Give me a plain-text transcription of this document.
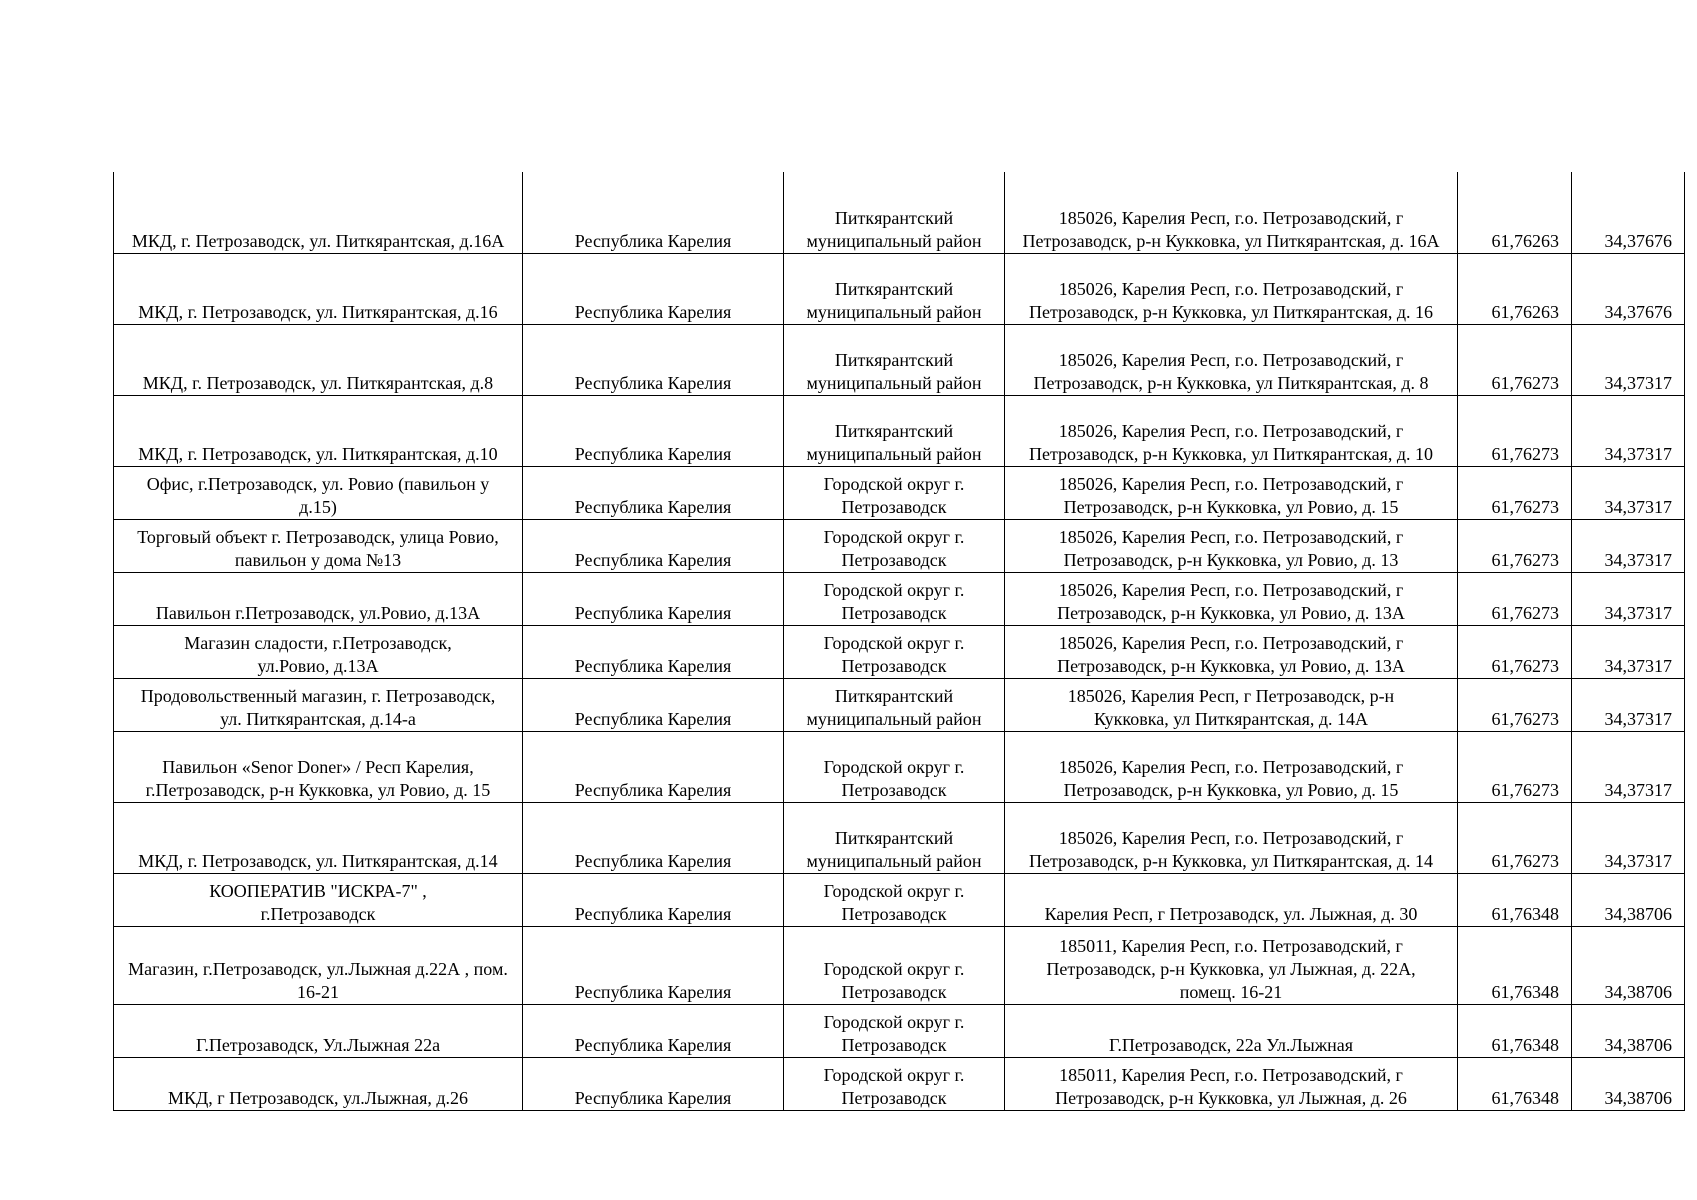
МКД, г. Петрозаводск, ул. Питкярантская, д.16А	Республика Карелия	Питкярантский муниципальный район	185026, Карелия Респ, г.о. Петрозаводский, г Петрозаводск, р-н Кукковка, ул Питкярантская, д. 16А	61,76263	34,37676
МКД, г. Петрозаводск, ул. Питкярантская, д.16	Республика Карелия	Питкярантский муниципальный район	185026, Карелия Респ, г.о. Петрозаводский, г Петрозаводск, р-н Кукковка, ул Питкярантская, д. 16	61,76263	34,37676
МКД, г. Петрозаводск, ул. Питкярантская, д.8	Республика Карелия	Питкярантский муниципальный район	185026, Карелия Респ, г.о. Петрозаводский, г Петрозаводск, р-н Кукковка, ул Питкярантская, д. 8	61,76273	34,37317
МКД, г. Петрозаводск, ул. Питкярантская, д.10	Республика Карелия	Питкярантский муниципальный район	185026, Карелия Респ, г.о. Петрозаводский, г Петрозаводск, р-н Кукковка, ул Питкярантская, д. 10	61,76273	34,37317
Офис, г.Петрозаводск, ул. Ровио (павильон у д.15)	Республика Карелия	Городской округ г. Петрозаводск	185026, Карелия Респ, г.о. Петрозаводский, г Петрозаводск, р-н Кукковка, ул Ровио, д. 15	61,76273	34,37317
Торговый объект г. Петрозаводск, улица Ровио, павильон у дома №13	Республика Карелия	Городской округ г. Петрозаводск	185026, Карелия Респ, г.о. Петрозаводский, г Петрозаводск, р-н Кукковка, ул Ровио, д. 13	61,76273	34,37317
Павильон г.Петрозаводск, ул.Ровио, д.13А	Республика Карелия	Городской округ г. Петрозаводск	185026, Карелия Респ, г.о. Петрозаводский, г Петрозаводск, р-н Кукковка, ул Ровио, д. 13А	61,76273	34,37317
Магазин сладости, г.Петрозаводск, ул.Ровио, д.13А	Республика Карелия	Городской округ г. Петрозаводск	185026, Карелия Респ, г.о. Петрозаводский, г Петрозаводск, р-н Кукковка, ул Ровио, д. 13А	61,76273	34,37317
Продовольственный магазин, г. Петрозаводск, ул. Питкярантская, д.14-а	Республика Карелия	Питкярантский муниципальный район	185026, Карелия Респ, г Петрозаводск, р-н Кукковка, ул Питкярантская, д. 14А	61,76273	34,37317
Павильон «Senor Doner» / Респ Карелия, г.Петрозаводск, р-н Кукковка, ул Ровио, д. 15	Республика Карелия	Городской округ г. Петрозаводск	185026, Карелия Респ, г.о. Петрозаводский, г Петрозаводск, р-н Кукковка, ул Ровио, д. 15	61,76273	34,37317
МКД, г. Петрозаводск, ул. Питкярантская, д.14	Республика Карелия	Питкярантский муниципальный район	185026, Карелия Респ, г.о. Петрозаводский, г Петрозаводск, р-н Кукковка, ул Питкярантская, д. 14	61,76273	34,37317
КООПЕРАТИВ "ИСКРА-7" , г.Петрозаводск	Республика Карелия	Городской округ г. Петрозаводск	Карелия Респ, г Петрозаводск, ул. Лыжная, д. 30	61,76348	34,38706
Магазин, г.Петрозаводск, ул.Лыжная д.22А , пом. 16-21	Республика Карелия	Городской округ г. Петрозаводск	185011, Карелия Респ, г.о. Петрозаводский, г Петрозаводск, р-н Кукковка, ул Лыжная, д. 22А, помещ. 16-21	61,76348	34,38706
Г.Петрозаводск, Ул.Лыжная 22а	Республика Карелия	Городской округ г. Петрозаводск	Г.Петрозаводск, 22а Ул.Лыжная	61,76348	34,38706
МКД, г Петрозаводск, ул.Лыжная, д.26	Республика Карелия	Городской округ г. Петрозаводск	185011, Карелия Респ, г.о. Петрозаводский, г Петрозаводск, р-н Кукковка, ул Лыжная, д. 26	61,76348	34,38706
